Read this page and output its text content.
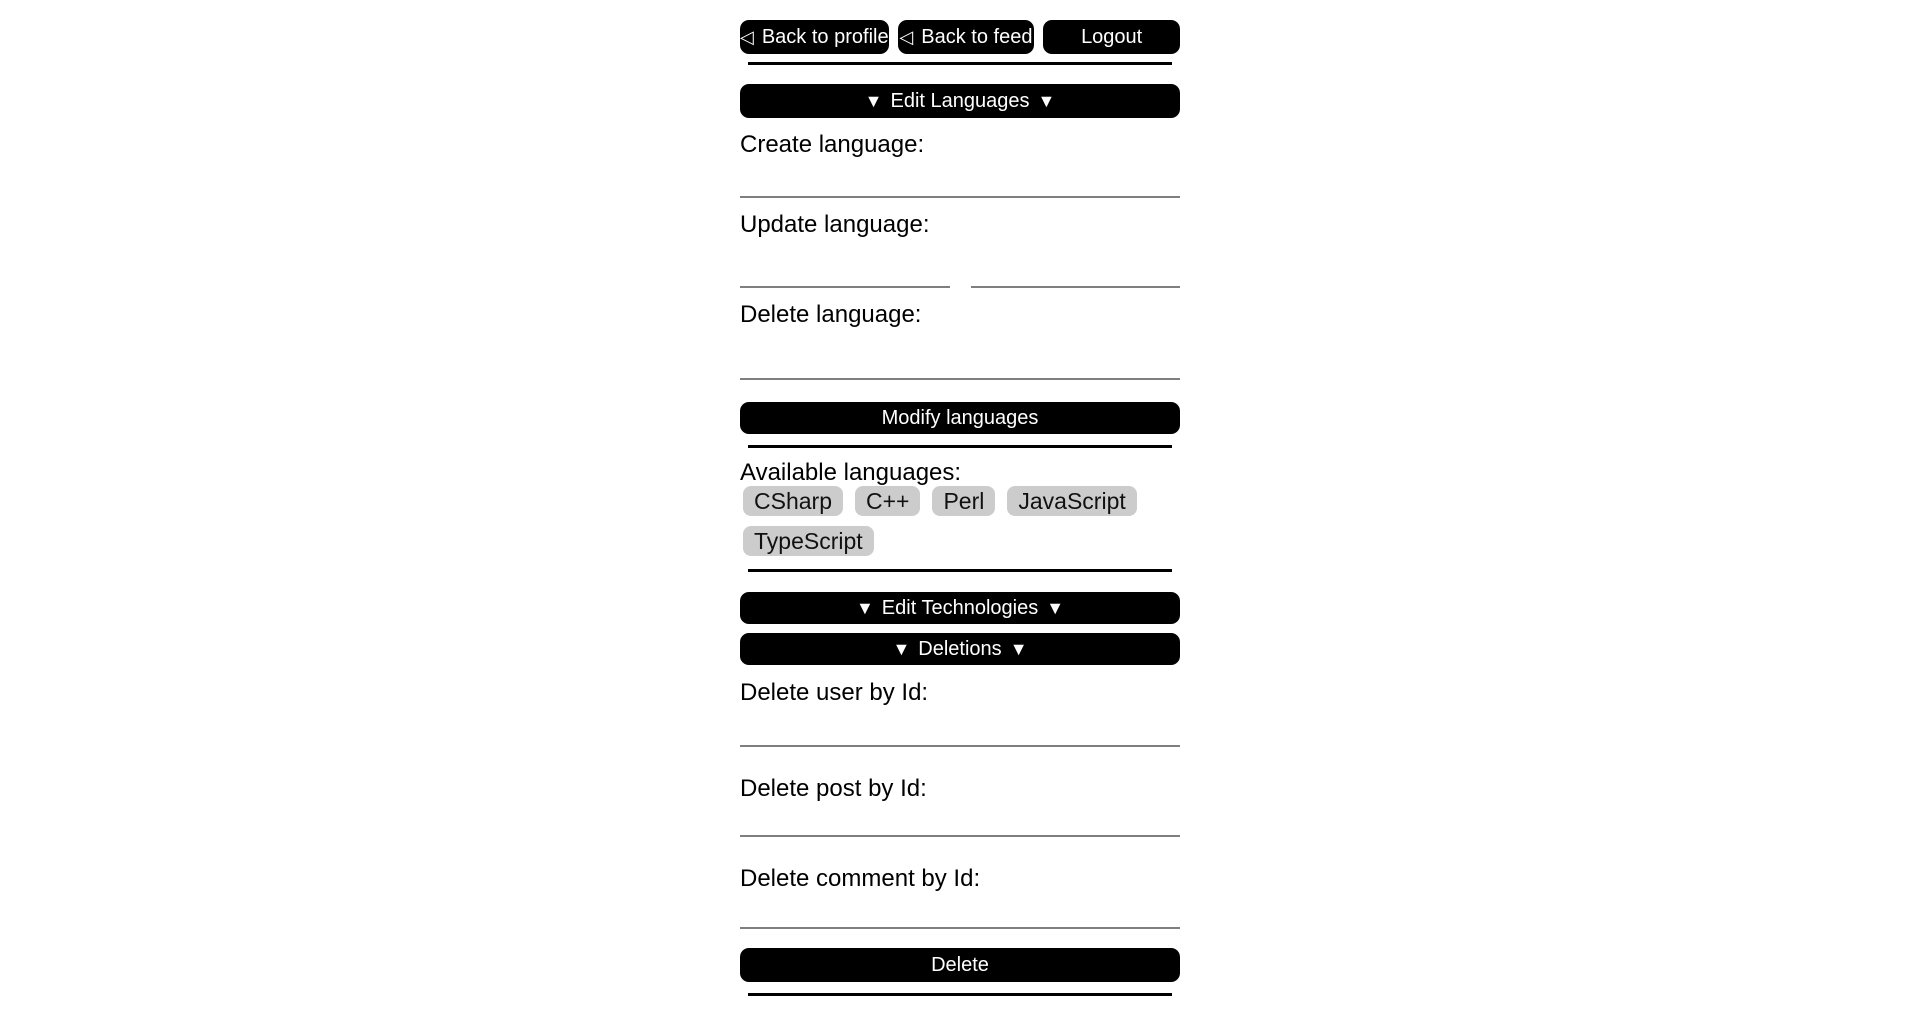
◁ Back to profile ◁ Back to feed Logout
▼ Edit Languages ▼
Create language:
Update language:
Delete language:
Modify languages
Available languages:
CSharp	C++	Perl	JavaScript
TypeScript
▼ Edit Technologies ▼
▼ Deletions ▼
Delete user by Id:
Delete post by Id:
Delete comment by Id:
Delete
